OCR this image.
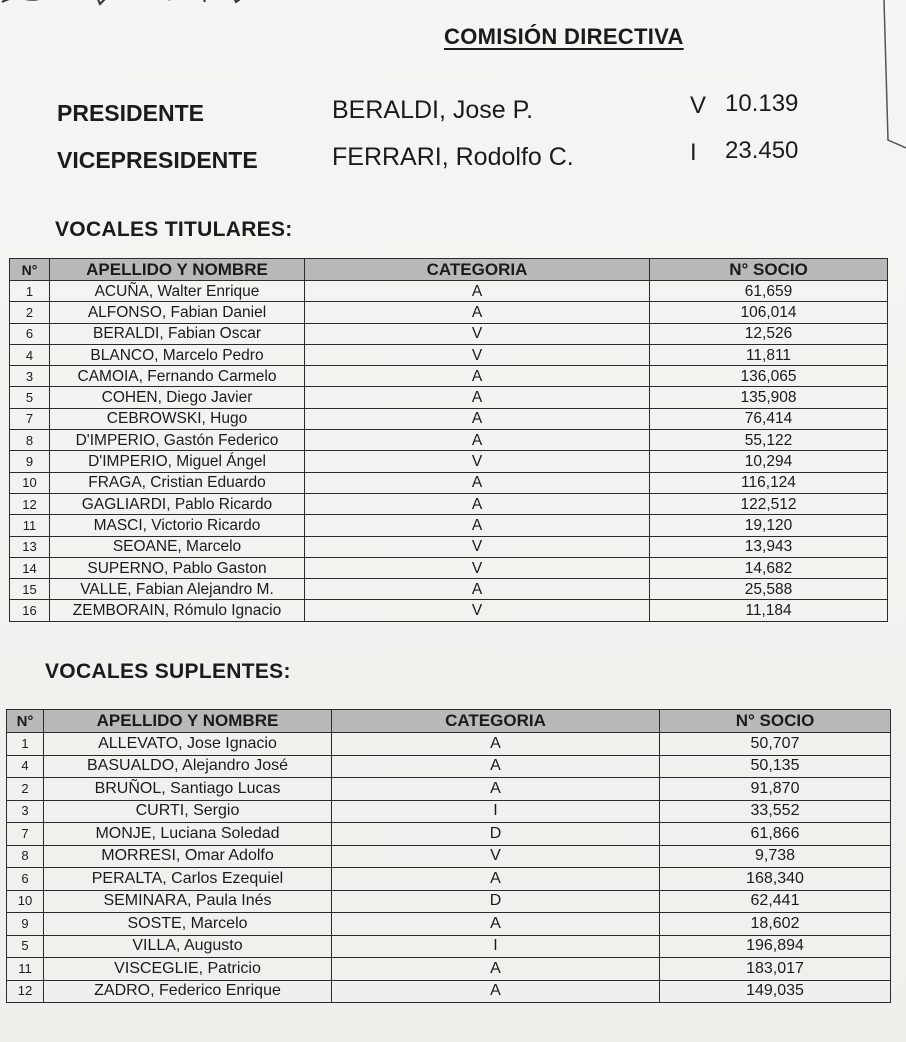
COMISIÓN DIRECTIVA
PRESIDENTE	BERALDI, Jose P.	V 10.139
VICEPRESIDENTE	FERRARI, Rodolfo C.	I 23.450
VOCALES TITULARES:
N°	APELLIDO Y NOMBRE	CATEGORIA	N° SOCIO
1	ACUÑA, Walter Enrique	A	61,659
2	ALFONSO, Fabian Daniel	A	106,014
6	BERALDI, Fabian Oscar	V	12,526
4	BLANCO, Marcelo Pedro	V	11,811
3	CAMOIA, Fernando Carmelo	A	136,065
5	COHEN, Diego Javier	A	135,908
7	CEBROWSKI, Hugo	A	76,414
8	D'IMPERIO, Gastón Federico	A	55,122
9	D'IMPERIO, Miguel Ángel	V	10,294
10	FRAGA, Cristian Eduardo	A	116,124
12	GAGLIARDI, Pablo Ricardo	A	122,512
11	MASCI, Victorio Ricardo	A	19,120
13	SEOANE, Marcelo	V	13,943
14	SUPERNO, Pablo Gaston	V	14,682
15	VALLE, Fabian Alejandro M.	A	25,588
16	ZEMBORAIN, Rómulo Ignacio	V	11,184
VOCALES SUPLENTES:
N°	APELLIDO Y NOMBRE	CATEGORIA	N° SOCIO
1	ALLEVATO, Jose Ignacio	A	50,707
4	BASUALDO, Alejandro José	A	50,135
2	BRUÑOL, Santiago Lucas	A	91,870
3	CURTI, Sergio	I	33,552
7	MONJE, Luciana Soledad	D	61,866
8	MORRESI, Omar Adolfo	V	9,738
6	PERALTA, Carlos Ezequiel	A	168,340
10	SEMINARA, Paula Inés	D	62,441
9	SOSTE, Marcelo	A	18,602
5	VILLA, Augusto	I	196,894
11	VISCEGLIE, Patricio	A	183,017
12	ZADRO, Federico Enrique	A	149,035
